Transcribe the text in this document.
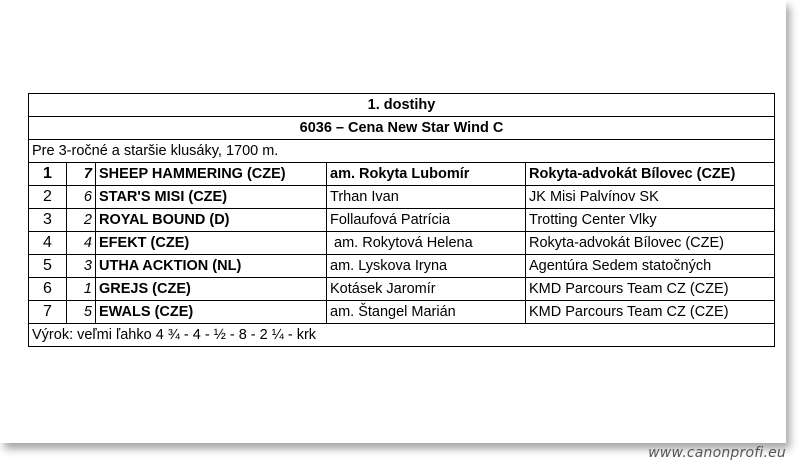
1. dostihy				
6036 – Cena New Star Wind C				
Pre 3-ročné a staršie klusáky, 1700 m.				
1	7	SHEEP HAMMERING (CZE)	am. Rokyta Lubomír	Rokyta-advokát Bílovec (CZE)
2	6	STAR'S MISI (CZE)	Trhan Ivan	JK Misi Palvínov SK
3	2	ROYAL BOUND (D)	Follaufová Patrícia	Trotting Center Vlky
4	4	EFEKT (CZE)	am. Rokytová Helena	Rokyta-advokát Bílovec (CZE)
5	3	UTHA ACKTION (NL)	am. Lyskova Iryna	Agentúra Sedem statočných
6	1	GREJS (CZE)	Kotásek Jaromír	KMD Parcours Team CZ (CZE)
7	5	EWALS (CZE)	am. Štangel Marián	KMD Parcours Team CZ (CZE)
Výrok: veľmi ľahko 4 ¾ - 4 - ½ - 8 - 2 ¼ - krk				
www.canonprofi.eu
